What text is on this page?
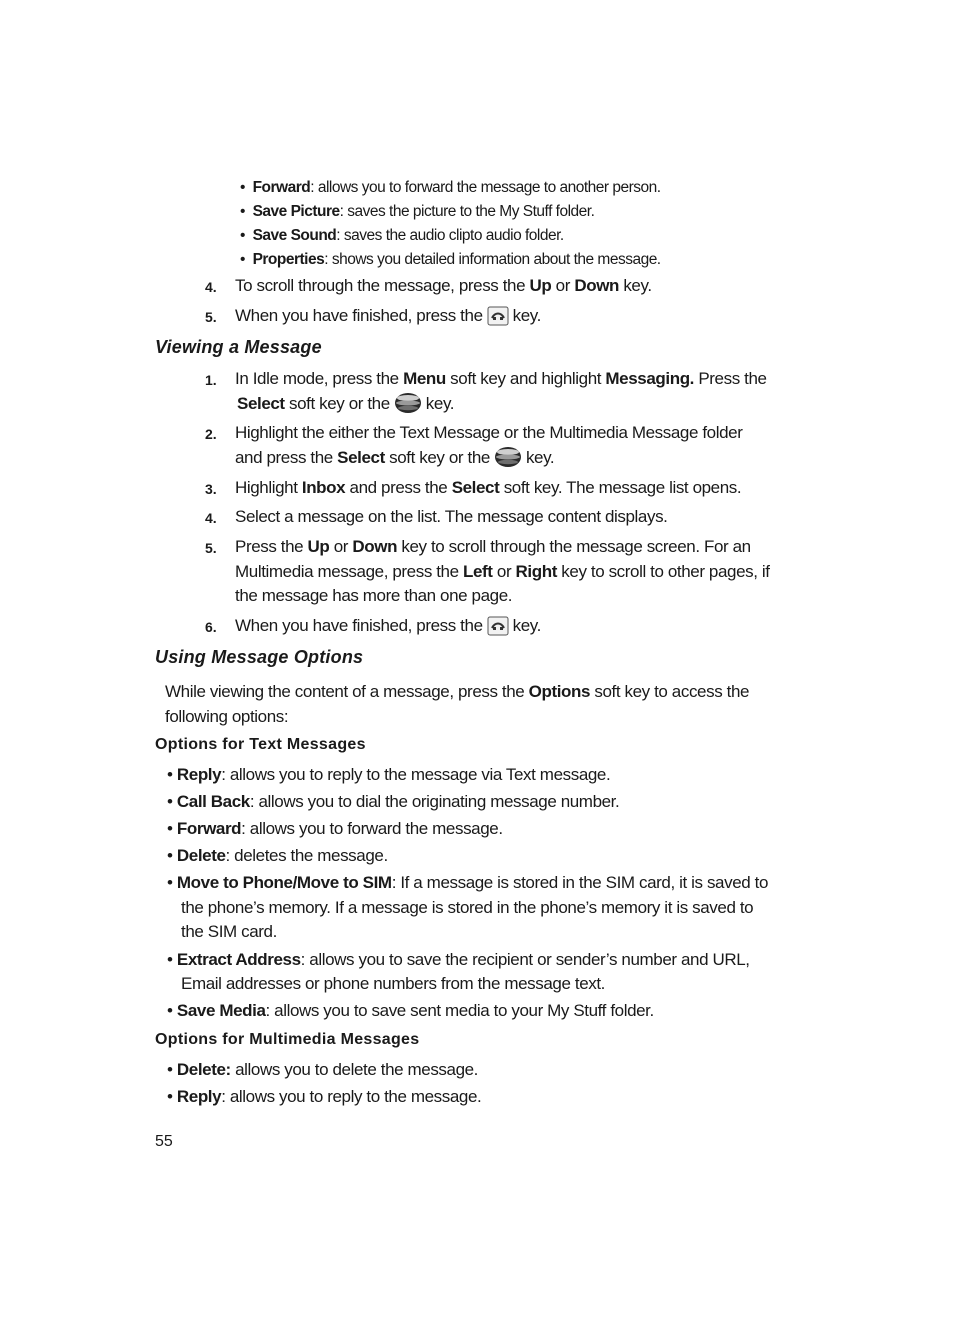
• Forward: allows you to forward the message to another person.
• Save Picture: saves the picture to the My Stuff folder.
• Save Sound: saves the audio clipto audio folder.
• Properties: shows you detailed information about the message.
4. To scroll through the message, press the Up or Down key.
5. When you have finished, press the key.
Viewing a Message
1. In Idle mode, press the Menu soft key and highlight Messaging. Press the
Select soft key or the key.
2. Highlight the either the Text Message or the Multimedia Message folder
and press the Select soft key or the key.
3. Highlight Inbox and press the Select soft key. The message list opens.
4. Select a message on the list. The message content displays.
5. Press the Up or Down key to scroll through the message screen. For an
Multimedia message, press the Left or Right key to scroll to other pages, if
the message has more than one page.
6. When you have finished, press the key.
Using Message Options
While viewing the content of a message, press the Options soft key to access the
following options:
Options for Text Messages
• Reply: allows you to reply to the message via Text message.
• Call Back: allows you to dial the originating message number.
• Forward: allows you to forward the message.
• Delete: deletes the message.
• Move to Phone/Move to SIM: If a message is stored in the SIM card, it is saved to
the phone’s memory. If a message is stored in the phone’s memory it is saved to
the SIM card.
• Extract Address: allows you to save the recipient or sender’s number and URL,
Email addresses or phone numbers from the message text.
• Save Media: allows you to save sent media to your My Stuff folder.
Options for Multimedia Messages
• Delete: allows you to delete the message.
• Reply: allows you to reply to the message.
55
